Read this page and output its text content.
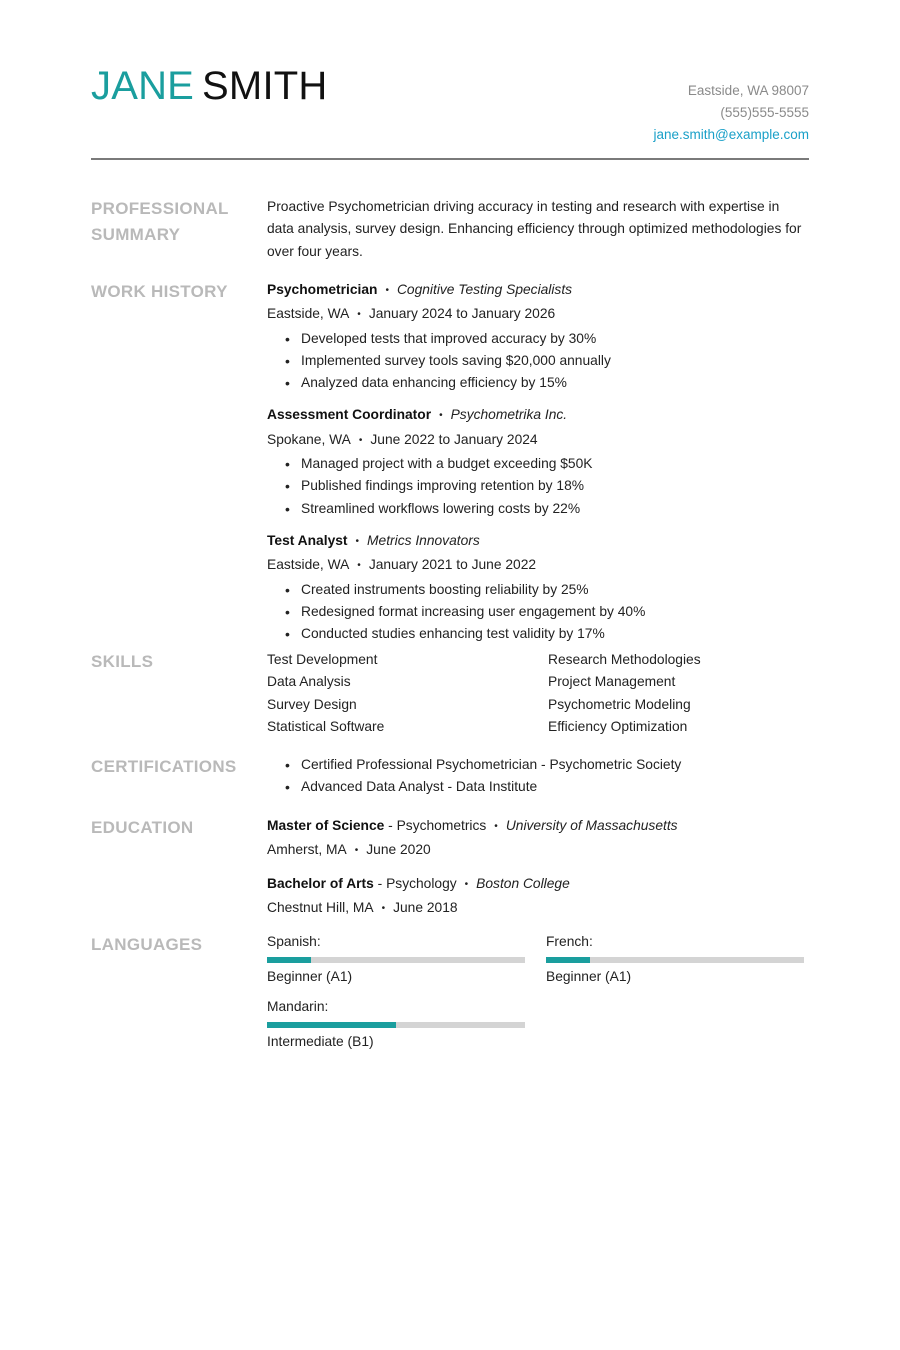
JANE SMITH	Eastside, WA 98007
(555)555-5555
jane.smith@example.com
PROFESSIONAL SUMMARY
Proactive Psychometrician driving accuracy in testing and research with expertise in data analysis, survey design. Enhancing efficiency through optimized methodologies for over four years.
WORK HISTORY	Psychometrician • Cognitive Testing Specialists
Eastside, WA • January 2024 to January 2026
• Developed tests that improved accuracy by 30%
• Implemented survey tools saving $20,000 annually
• Analyzed data enhancing efficiency by 15%
Assessment Coordinator • Psychometrika Inc.
Spokane, WA • June 2022 to January 2024
• Managed project with a budget exceeding $50K
• Published findings improving retention by 18%
• Streamlined workflows lowering costs by 22%
Test Analyst • Metrics Innovators
Eastside, WA • January 2021 to June 2022
• Created instruments boosting reliability by 25%
• Redesigned format increasing user engagement by 40%
• Conducted studies enhancing test validity by 17%
SKILLS	Test Development	Research Methodologies
Data Analysis	Project Management
Survey Design	Psychometric Modeling
Statistical Software	Efficiency Optimization
CERTIFICATIONS
•	Certified Professional Psychometrician - Psychometric Society
• Advanced Data Analyst - Data Institute
EDUCATION	Master of Science - Psychometrics • University of Massachusetts
Amherst, MA • June 2020
Bachelor of Arts - Psychology • Boston College
Chestnut Hill, MA • June 2018
LANGUAGES	Spanish:
Beginner (A1)
French:
Beginner (A1)
Mandarin:
Intermediate (B1)
